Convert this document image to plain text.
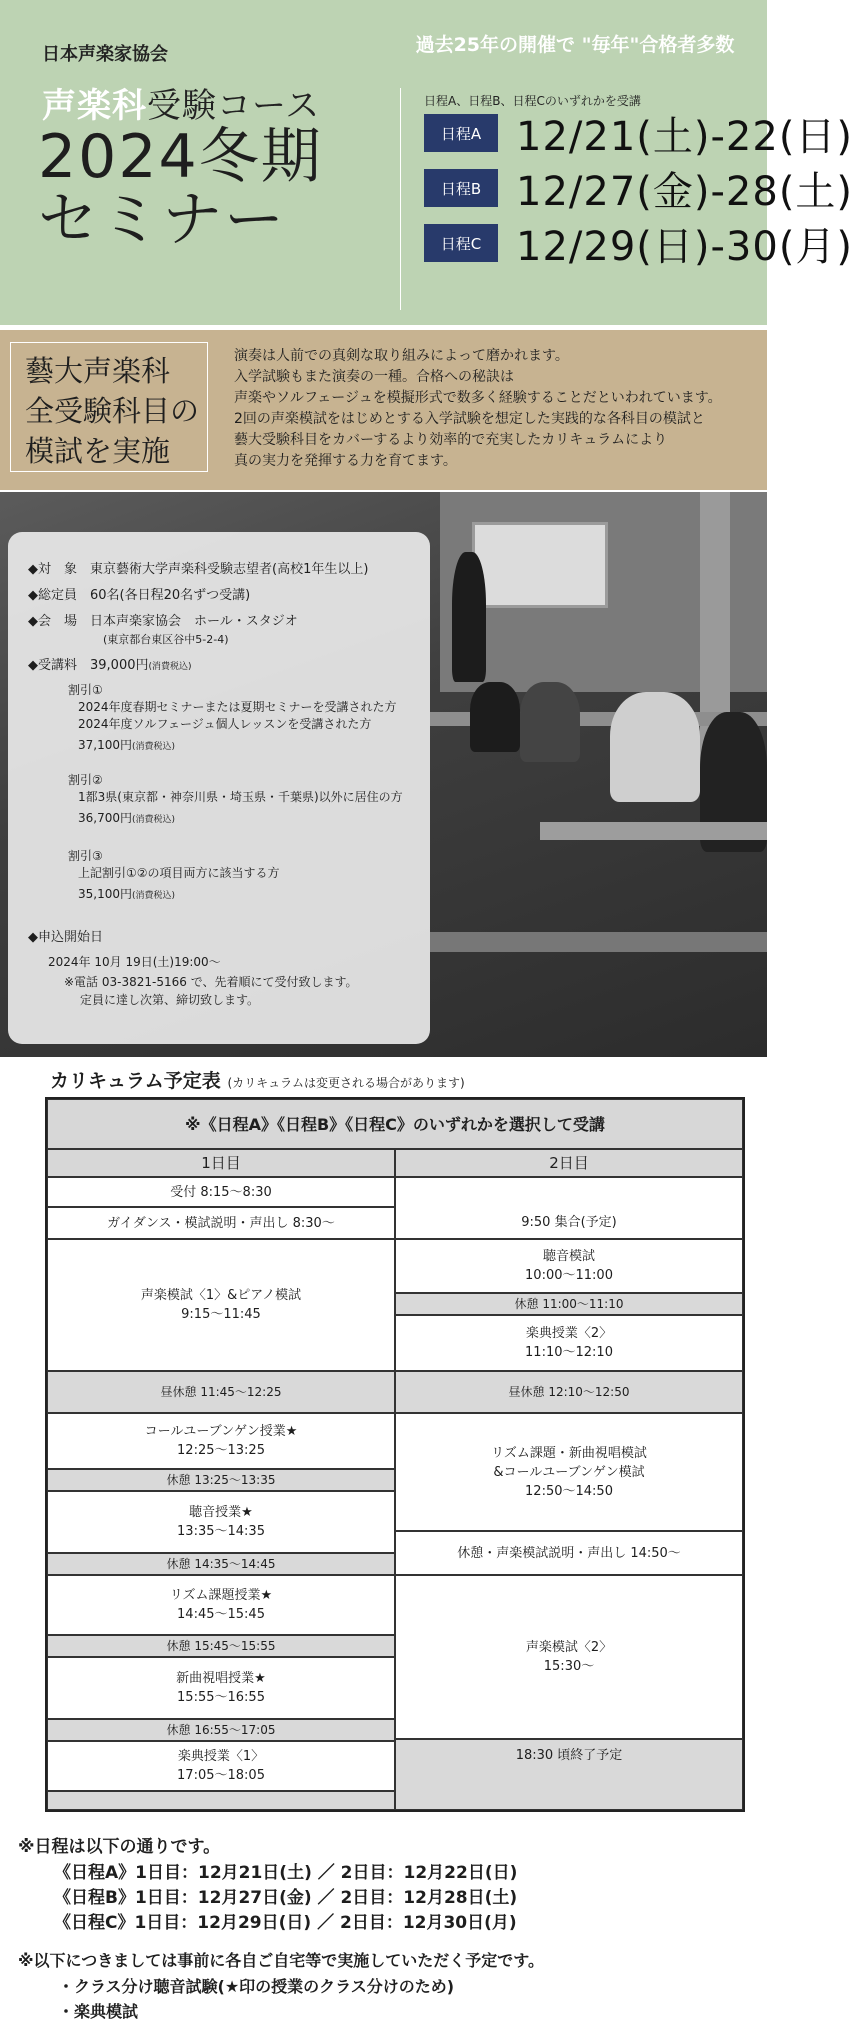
日本声楽家協会
声楽科受験コース
2024冬期
セミナー
過去25年の開催で "毎年"合格者多数
日程A、日程B、日程Cのいずれかを受講
日程A 12/21(土)-22(日)
日程B 12/27(金)-28(土)
日程C 12/29(日)-30(月)
藝大声楽科
全受験科目の
模試を実施
演奏は人前での真剣な取り組みによって磨かれます。
入学試験もまた演奏の一種。合格への秘訣は
声楽やソルフェージュを模擬形式で数多く経験することだといわれています。
2回の声楽模試をはじめとする入学試験を想定した実践的な各科目の模試と
藝大受験科目をカバーするより効率的で充実したカリキュラムにより
真の実力を発揮する力を育てます。
◆対　象　東京藝術大学声楽科受験志望者(高校1年生以上)
◆総定員　60名(各日程20名ずつ受講)
◆会　場　日本声楽家協会　ホール・スタジオ
(東京都台東区谷中5-2-4)
◆受講料　39,000円(消費税込)
割引①
2024年度春期セミナーまたは夏期セミナーを受講された方
2024年度ソルフェージュ個人レッスンを受講された方
37,100円(消費税込)
割引②
1都3県(東京都・神奈川県・埼玉県・千葉県)以外に居住の方
36,700円(消費税込)
割引③
上記割引①②の項目両方に該当する方
35,100円(消費税込)
◆申込開始日
2024年 10月 19日(土)19:00～
※電話 03-3821-5166 で、先着順にて受付致します。
定員に達し次第、締切致します。
カリキュラム予定表 (カリキュラムは変更される場合があります)
※《日程A》《日程B》《日程C》のいずれかを選択して受講
1日目	2日目
受付 8:15～8:30
ガイダンス・模試説明・声出し 8:30～
声楽模試〈1〉&ピアノ模試
9:15～11:45
昼休憩 11:45～12:25
コールユーブンゲン授業★
12:25～13:25
休憩 13:25～13:35
聴音授業★
13:35～14:35
休憩 14:35～14:45
リズム課題授業★
14:45～15:45
休憩 15:45～15:55
新曲視唱授業★
15:55～16:55
休憩 16:55～17:05
楽典授業〈1〉
17:05～18:05
9:50 集合(予定)
聴音模試
10:00～11:00
休憩 11:00～11:10
楽典授業〈2〉
11:10～12:10
昼休憩 12:10～12:50
リズム課題・新曲視唱模試
&コールユーブンゲン模試
12:50～14:50
休憩・声楽模試説明・声出し 14:50～
声楽模試〈2〉
15:30～
18:30 頃終了予定
※日程は以下の通りです。
《日程A》1日目：12月21日(土) ／ 2日目：12月22日(日)
《日程B》1日目：12月27日(金) ／ 2日目：12月28日(土)
《日程C》1日目：12月29日(日) ／ 2日目：12月30日(月)
※以下につきましては事前に各自ご自宅等で実施していただく予定です。
・クラス分け聴音試験(★印の授業のクラス分けのため)
・楽典模試
